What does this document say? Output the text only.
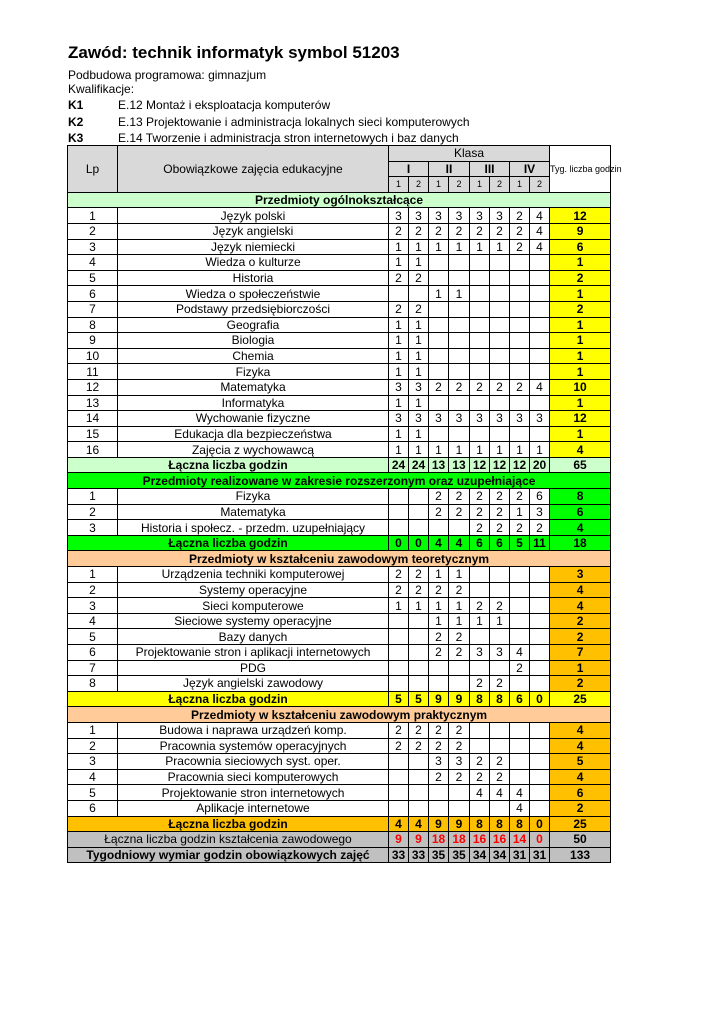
Zawód: technik informatyk symbol 51203
Podbudowa programowa: gimnazjum
Kwalifikacje:
K1	E.12 Montaż i eksploatacja komputerów
K2	E.13 Projektowanie i administracja lokalnych sieci komputerowych
K3	E.14 Tworzenie i administracja stron internetowych i baz danych
Lp	Obowiązkowe zajęcia edukacyjne	Klasa								Tyg. liczba godzin
		I		II		III		IV		
		1	2	1	2	1	2	1	2	
Przedmioty ogólnokształcące										
1	Język polski	3	3	3	3	3	3	2	4	12
2	Język angielski	2	2	2	2	2	2	2	4	9
3	Język niemiecki	1	1	1	1	1	1	2	4	6
4	Wiedza o kulturze	1	1							1
5	Historia	2	2							2
6	Wiedza o społeczeństwie			1	1					1
7	Podstawy przedsiębiorczości	2	2							2
8	Geografia	1	1							1
9	Biologia	1	1							1
10	Chemia	1	1							1
11	Fizyka	1	1							1
12	Matematyka	3	3	2	2	2	2	2	4	10
13	Informatyka	1	1							1
14	Wychowanie fizyczne	3	3	3	3	3	3	3	3	12
15	Edukacja dla bezpieczeństwa	1	1							1
16	Zajęcia z wychowawcą	1	1	1	1	1	1	1	1	4
Łączna liczba godzin		24	24	13	13	12	12	12	20	65
Przedmioty realizowane w zakresie rozszerzonym oraz uzupełniające										
1	Fizyka			2	2	2	2	2	6	8
2	Matematyka			2	2	2	2	1	3	6
3	Historia i społecz. - przedm. uzupełniający					2	2	2	2	4
Łączna liczba godzin		0	0	4	4	6	6	5	11	18
Przedmioty w kształceniu zawodowym teoretycznym										
1	Urządzenia techniki komputerowej	2	2	1	1					3
2	Systemy operacyjne	2	2	2	2					4
3	Sieci komputerowe	1	1	1	1	2	2			4
4	Sieciowe systemy operacyjne			1	1	1	1			2
5	Bazy danych			2	2					2
6	Projektowanie stron i aplikacji internetowych			2	2	3	3	4		7
7	PDG							2		1
8	Język angielski zawodowy					2	2			2
Łączna liczba godzin		5	5	9	9	8	8	6	0	25
Przedmioty w kształceniu zawodowym praktycznym										
1	Budowa i naprawa urządzeń komp.	2	2	2	2					4
2	Pracownia systemów operacyjnych	2	2	2	2					4
3	Pracownia sieciowych syst. oper.			3	3	2	2			5
4	Pracownia sieci komputerowych			2	2	2	2			4
5	Projektowanie stron internetowych					4	4	4		6
6	Aplikacje internetowe							4		2
Łączna liczba godzin		4	4	9	9	8	8	8	0	25
Łączna liczba godzin kształcenia zawodowego		9	9	18	18	16	16	14	0	50
Tygodniowy wymiar godzin obowiązkowych zajęć		33	33	35	35	34	34	31	31	133
